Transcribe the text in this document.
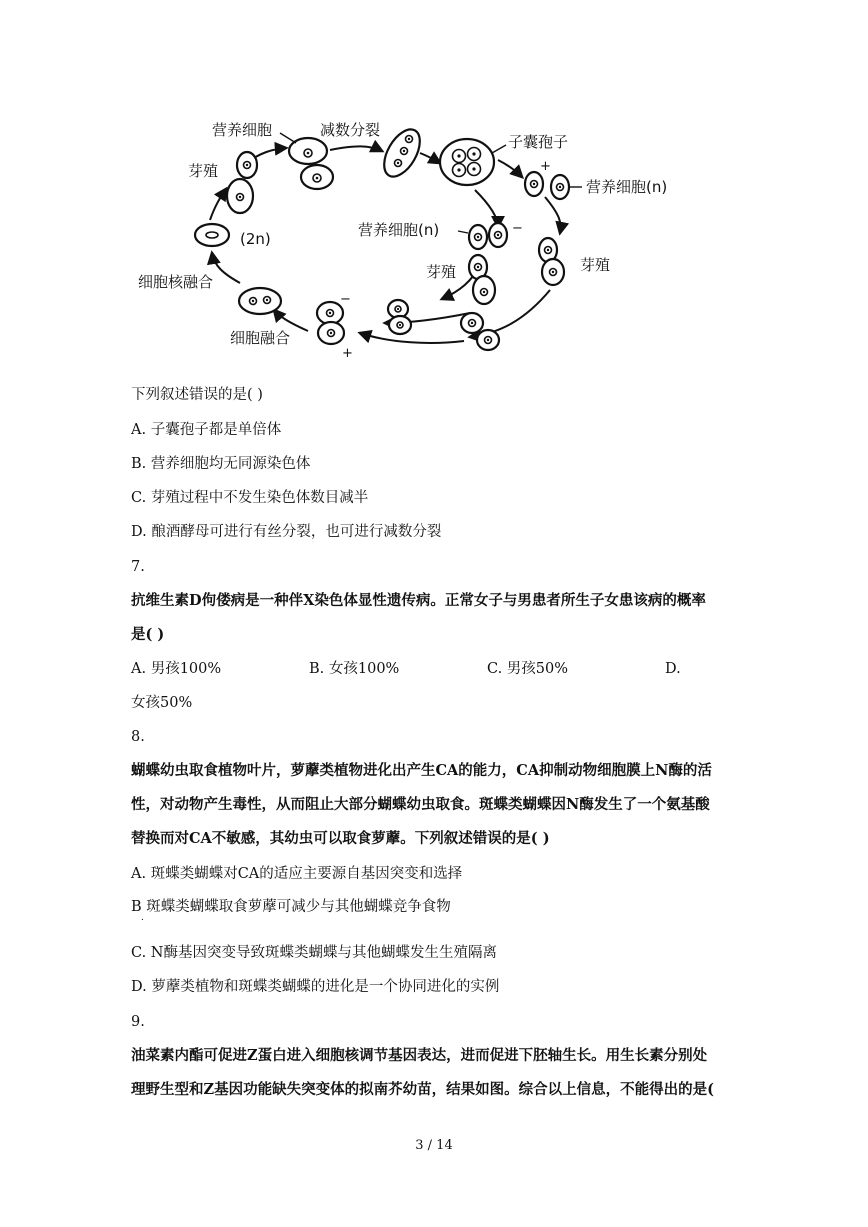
营养细胞	减数分裂
子囊孢子
芽殖
(2n)
细胞核融合
细胞融合
营养细胞(n)
营养细胞(n)
芽殖	芽殖
+
−
−
+
下列叙述错误的是( )
A. 子囊孢子都是单倍体
B. 营养细胞均无同源染色体
C. 芽殖过程中不发生染色体数目减半
D. 酿酒酵母可进行有丝分裂，也可进行减数分裂
7.
抗维生素D佝偻病是一种伴X染色体显性遗传病。正常女子与男患者所生子女患该病的概率
是( )
A. 男孩100%	B. 女孩100%	C. 男孩50%	D.
女孩50%
8.
蝴蝶幼虫取食植物叶片，萝藦类植物进化出产生CA的能力，CA抑制动物细胞膜上N酶的活
性，对动物产生毒性，从而阻止大部分蝴蝶幼虫取食。斑蝶类蝴蝶因N酶发生了一个氨基酸
替换而对CA不敏感，其幼虫可以取食萝藦。下列叙述错误的是( )
A. 斑蝶类蝴蝶对CA的适应主要源自基因突变和选择
B 斑蝶类蝴蝶取食萝藦可减少与其他蝴蝶竞争食物
.
C. N酶基因突变导致斑蝶类蝴蝶与其他蝴蝶发生生殖隔离
D. 萝藦类植物和斑蝶类蝴蝶的进化是一个协同进化的实例
9.
油菜素内酯可促进Z蛋白进入细胞核调节基因表达，进而促进下胚轴生长。用生长素分别处
理野生型和Z基因功能缺失突变体的拟南芥幼苗，结果如图。综合以上信息，不能得出的是(
3 / 14
